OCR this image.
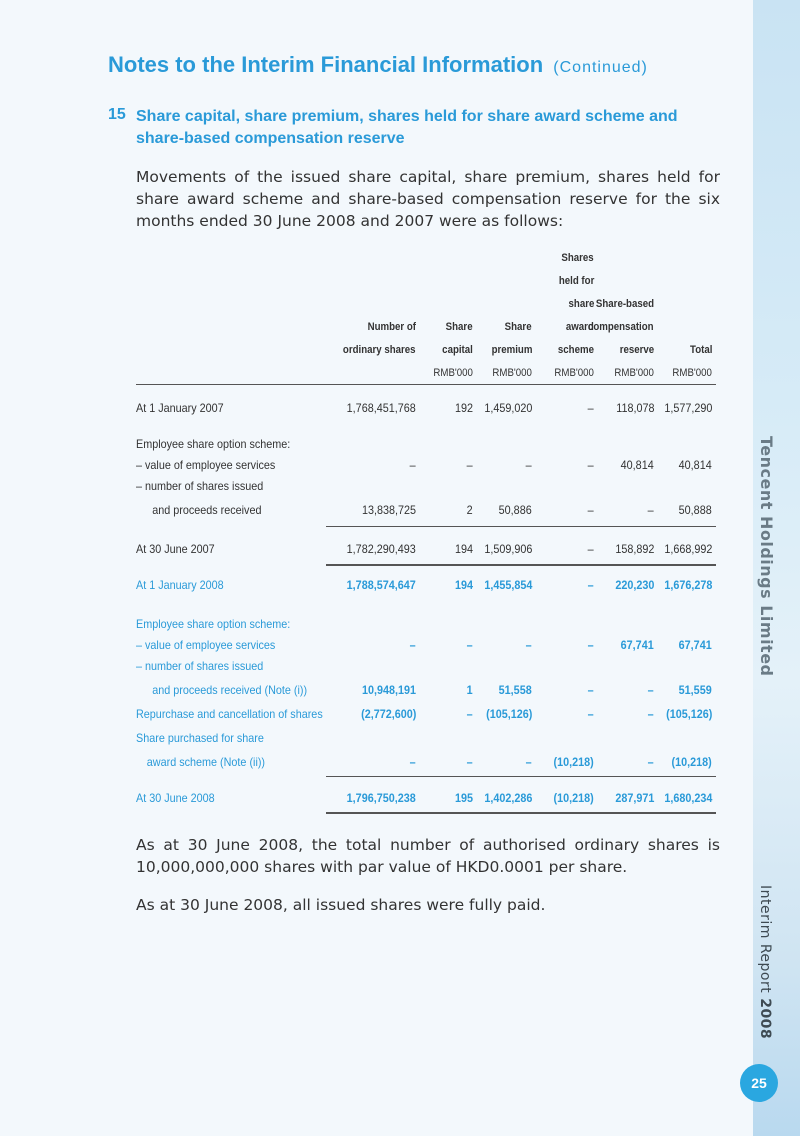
Tencent Holdings Limited
Interim Report 2008
25
Notes to the Interim Financial Information (Continued)
15 Share capital, share premium, shares held for share award scheme and share-based compensation reserve
Movements of the issued share capital, share premium, shares held for share award scheme and share-based compensation reserve for the six months ended 30 June 2008 and 2007 were as follows:
Number of
ordinary shares
Share
capital
RMB'000
Share
premium
RMB'000
Shares
held for
share
award
scheme
RMB'000
Share-based
compensation
reserve
RMB'000
Total
RMB'000
At 1 January 2007	1,768,451,768	192 1,459,020	– 118,078 1,577,290
Employee share option scheme:
– value of employee services	–	–	–	– 40,814 40,814
– number of shares issued
and proceeds received	13,838,725	2 50,886	–	– 50,888
At 30 June 2007	1,782,290,493	194 1,509,906	– 158,892 1,668,992
At 1 January 2008	1,788,574,647	194 1,455,854	– 220,230 1,676,278
Employee share option scheme:
– value of employee services	–	–	–	– 67,741 67,741
– number of shares issued
and proceeds received (Note (i))	10,948,191	1 51,558	–	– 51,559
Repurchase and cancellation of shares	(2,772,600)	– (105,126)	–	– (105,126)
Share purchased for share
award scheme (Note (ii))	–	–	– (10,218)	– (10,218)
At 30 June 2008	1,796,750,238	195 1,402,286 (10,218) 287,971 1,680,234
As at 30 June 2008, the total number of authorised ordinary shares is 10,000,000,000 shares with par value of HKD0.0001 per share.
As at 30 June 2008, all issued shares were fully paid.
